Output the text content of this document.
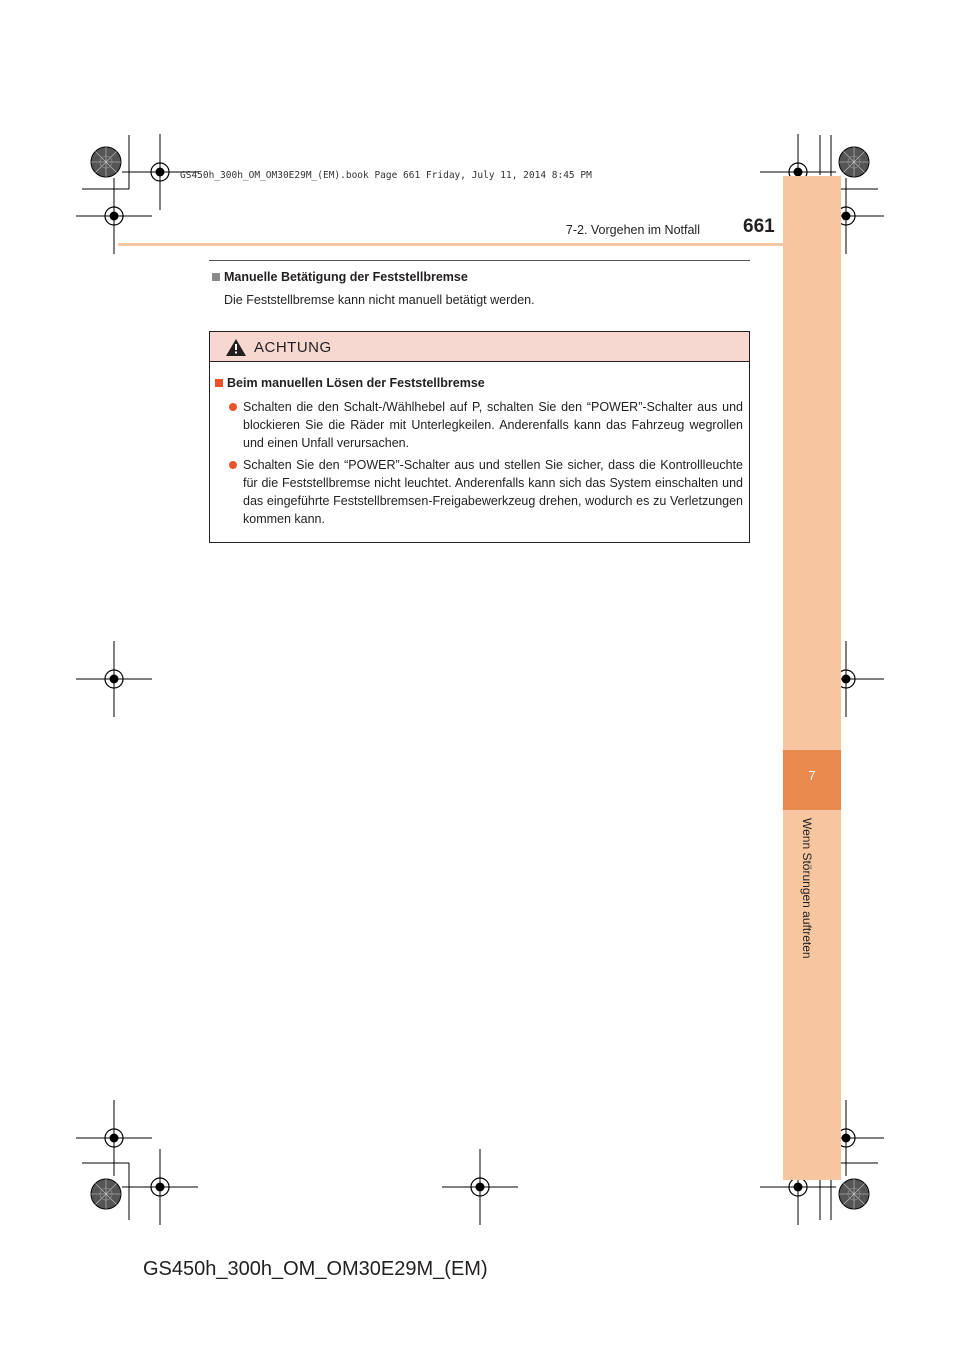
7
Wenn Störungen auftreten
GS450h_300h_OM_OM30E29M_(EM).book Page 661 Friday, July 11, 2014 8:45 PM
7-2. Vorgehen im Notfall 661
Manuelle Betätigung der Feststellbremse
Die Feststellbremse kann nicht manuell betätigt werden.
ACHTUNG
Beim manuellen Lösen der Feststellbremse
Schalten die den Schalt-/Wählhebel auf P, schalten Sie den “POWER”-Schalter aus und blockieren Sie die Räder mit Unterlegkeilen. Anderenfalls kann das Fahrzeug wegrollen und einen Unfall verursachen.
Schalten Sie den “POWER”-Schalter aus und stellen Sie sicher, dass die Kontrollleuchte für die Feststellbremse nicht leuchtet. Anderenfalls kann sich das System einschalten und das eingeführte Feststellbremsen-Freigabewerkzeug drehen, wodurch es zu Verletzungen kommen kann.
GS450h_300h_OM_OM30E29M_(EM)
